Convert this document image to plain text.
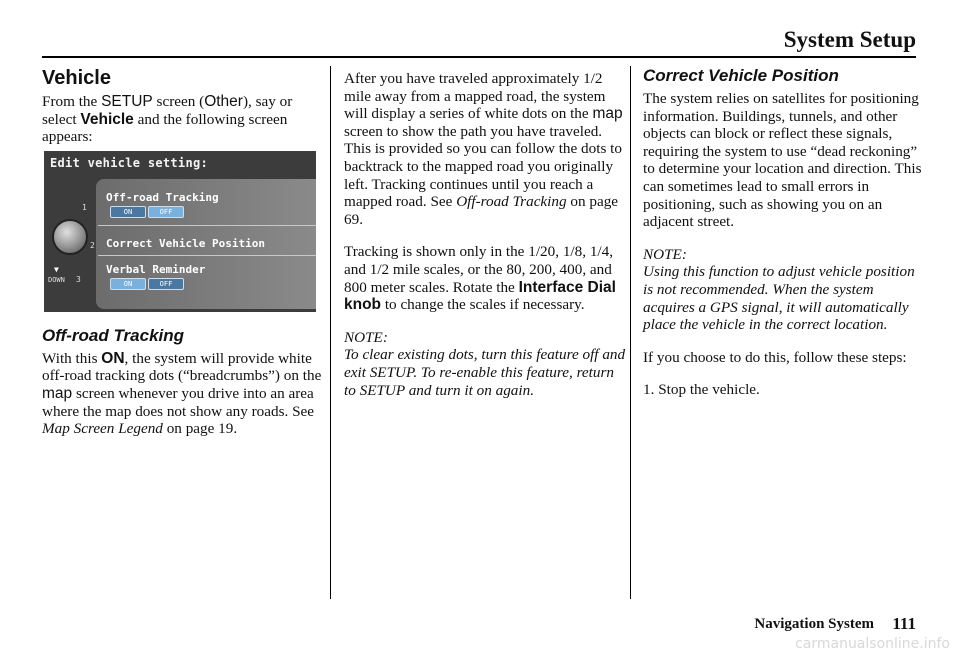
System Setup
Vehicle

From the SETUP screen (Other), say or select Vehicle and the following screen appears:

Edit vehicle setting:
1
2
▼
DOWN 3
Off-road Tracking
ON	OFF
Correct Vehicle Position
Verbal Reminder
ON	OFF
Off-road Tracking

With this ON, the system will provide white off-road tracking dots (“breadcrumbs”) on the map screen whenever you drive into an area where the map does not show any roads. See Map Screen Legend on page 19.

After you have traveled approximately 1/2 mile away from a mapped road, the system will display a series of white dots on the map screen to show the path you have traveled. This is provided so you can follow the dots to backtrack to the mapped road you originally left. Tracking continues until you reach a mapped road. See Off-road Tracking on page 69.

Tracking is shown only in the 1/20, 1/8, 1/4, and 1/2 mile scales, or the 80, 200, 400, and 800 meter scales. Rotate the Interface Dial knob to change the scales if necessary.

NOTE:

To clear existing dots, turn this feature off and exit SETUP. To re-enable this feature, return to SETUP and turn it on again.

Correct Vehicle Position

The system relies on satellites for positioning information. Buildings, tunnels, and other objects can block or reflect these signals, requiring the system to use “dead reckoning” to determine your location and direction. This can sometimes lead to small errors in positioning, such as showing you on an adjacent street.

NOTE:

Using this function to adjust vehicle position is not recommended. When the system acquires a GPS signal, it will automatically place the vehicle in the correct location.

If you choose to do this, follow these steps:

1. Stop the vehicle.

Navigation System 111
carmanualsonline.info
